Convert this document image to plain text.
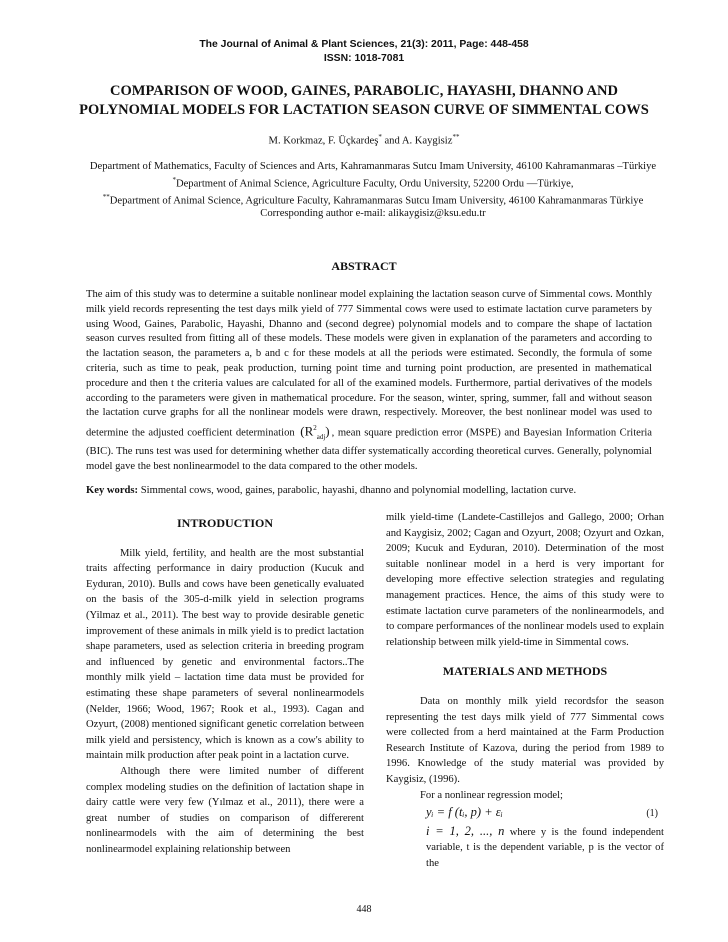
The Journal of Animal & Plant Sciences, 21(3): 2011, Page: 448-458
ISSN: 1018-7081
COMPARISON OF WOOD, GAINES, PARABOLIC, HAYASHI, DHANNO AND
POLYNOMIAL MODELS FOR LACTATION SEASON CURVE OF SIMMENTAL COWS
M. Korkmaz, F. Üçkardeş* and A. Kaygisiz**
Department of Mathematics, Faculty of Sciences and Arts, Kahramanmaras Sutcu Imam University, 46100 Kahramanmaras –Türkiye
*Department of Animal Science, Agriculture Faculty, Ordu University, 52200 Ordu —Türkiye,
**Department of Animal Science, Agriculture Faculty, Kahramanmaras Sutcu Imam University, 46100 Kahramanmaras Türkiye
Corresponding author e-mail: alikaygisiz@ksu.edu.tr
ABSTRACT

The aim of this study was to determine a suitable nonlinear model explaining the lactation season curve of Simmental cows. Monthly milk yield records representing the test days milk yield of 777 Simmental cows were used to estimate lactation curve parameters by using Wood, Gaines, Parabolic, Hayashi, Dhanno and (second degree) polynomial models and to compare the shape of lactation season curves resulted from fitting all of these models. These models were given in explanation of the parameters and according to the lactation season, the parameters a, b and c for these models at all the periods were estimated. Secondly, the formula of some criteria, such as time to peak, peak production, turning point time and turning point production, are presented in mathematical procedure and then t the criteria values are calculated for all of the examined models. Furthermore, partial derivatives of the models according to the parameters were given in mathematical procedure. For the season, winter, spring, summer, fall and without season the lactation curve graphs for all the nonlinear models were drawn, respectively. Moreover, the best nonlinear model was used to determine the adjusted coefficient determination $(R^2_{adj})$ , mean square prediction error (MSPE) and Bayesian Information Criteria (BIC). The runs test was used for determining whether data differ systematically according theoretical curves. Generally, polynomial model gave the best nonlinearmodel to the data compared to the other models.

Key words: Simmental cows, wood, gaines, parabolic, hayashi, dhanno and polynomial modelling, lactation curve.
INTRODUCTION

Milk yield, fertility, and health are the most substantial traits affecting performance in dairy production (Kucuk and Eyduran, 2010). Bulls and cows have been genetically evaluated on the basis of the 305-d-milk yield in selection programs (Yilmaz et al., 2011). The best way to provide desirable genetic improvement of these animals in milk yield is to predict lactation shape parameters, used as selection criteria in breeding program and influenced by genetic and environmental factors..The monthly milk yield – lactation time data must be provided for estimating these shape parameters of several nonlinearmodels (Nelder, 1966; Wood, 1967; Rook et al., 1993). Cagan and Ozyurt, (2008) mentioned significant genetic correlation between milk yield and persistency, which is known as a cow's ability to maintain milk production after peak point in a lactation curve.

Although there were limited number of different complex modeling studies on the definition of lactation shape in dairy cattle were very few (Yılmaz et al., 2011), there were a great number of studies on comparison of differerent nonlinearmodels with the aim of determining the best nonlinearmodel explaining relationship between

milk yield-time (Landete-Castillejos and Gallego, 2000; Orhan and Kaygisiz, 2002; Cagan and Ozyurt, 2008; Ozyurt and Ozkan, 2009; Kucuk and Eyduran, 2010). Determination of the most suitable nonlinear model in a herd is very important for developing more effective selection strategies and regulating management practices. Hence, the aims of this study were to estimate lactation curve parameters of the nonlinearmodels, and to compare performances of the nonlinear models used to explain relationship between milk yield-time in Simmental cows.

MATERIALS AND METHODS

Data on monthly milk yield recordsfor the season representing the test days milk yield of 777 Simmental cows were collected from a herd maintained at the Farm Production Research Institute of Kazova, during the period from 1989 to 1996. Knowledge of the study material was provided by Kaygisiz, (1996).

For a nonlinear regression model;

yᵢ = f (tᵢ, p) + εᵢ	(1)

i = 1, 2, ..., n where y is the found independent variable, t is the dependent variable, p is the vector of the

448
